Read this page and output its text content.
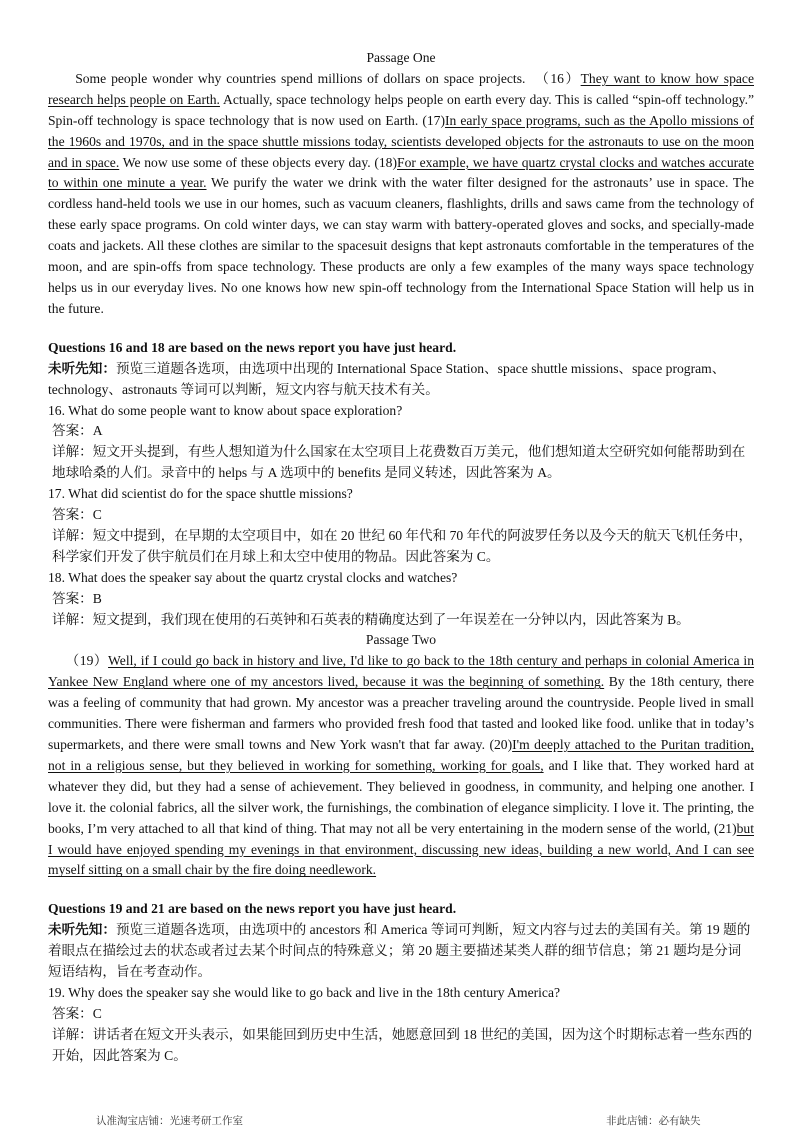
Passage One

Some people wonder why countries spend millions of dollars on space projects.  （16）They want to know how space research helps people on Earth. Actually, space technology helps people on earth every day. This is called “spin-off technology.” Spin-off technology is space technology that is now used on Earth. (17)In early space programs, such as the Apollo missions of the 1960s and 1970s, and in the space shuttle missions today, scientists developed objects for the astronauts to use on the moon and in space. We now use some of these objects every day. (18)For example, we have quartz crystal clocks and watches accurate to within one minute a year. We purify the water we drink with the water filter designed for the astronauts’ use in space. The cordless hand-held tools we use in our homes, such as vacuum cleaners, flashlights, drills and saws came from the technology of these early space programs. On cold winter days, we can stay warm with battery-operated gloves and socks, and specially-made coats and jackets. All these clothes are similar to the spacesuit designs that kept astronauts comfortable in the temperatures of the moon, and are spin-offs from space technology. These products are only a few examples of the many ways space technology helps us in our everyday lives. No one knows how new spin-off technology from the International Space Station will help us in the future.

Questions 16 and 18 are based on the news report you have just heard.

未听先知：预览三道题各选项，由选项中出现的 International Space Station、space shuttle missions、space program、technology、astronauts 等词可以判断，短文内容与航天技术有关。

16. What do some people want to know about space exploration?

答案：A

详解：短文开头提到，有些人想知道为什么国家在太空项目上花费数百万美元，他们想知道太空研究如何能帮助到在地球哈桑的人们。录音中的 helps 与 A 选项中的 benefits 是同义转述，因此答案为 A。

17. What did scientist do for the space shuttle missions?

答案：C

详解：短文中提到，在早期的太空项目中，如在 20 世纪 60 年代和 70 年代的阿波罗任务以及今天的航天飞机任务中，科学家们开发了供宇航员们在月球上和太空中使用的物品。因此答案为 C。

18. What does the speaker say about the quartz crystal clocks and watches?

答案：B

详解：短文提到，我们现在使用的石英钟和石英表的精确度达到了一年误差在一分钟以内，因此答案为 B。

Passage Two

（19）Well, if I could go back in history and live, I'd like to go back to the 18th century and perhaps in colonial America in Yankee New England where one of my ancestors lived, because it was the beginning of something. By the 18th century, there was a feeling of community that had grown. My ancestor was a preacher traveling around the countryside. People lived in small communities. There were fisherman and farmers who provided fresh food that tasted and looked like food. unlike that in today’s supermarkets, and there were small towns and New York wasn't that far away. (20)I'm deeply attached to the Puritan tradition, not in a religious sense, but they believed in working for something, working for goals, and I like that. They worked hard at whatever they did, but they had a sense of achievement. They believed in goodness, in community, and helping one another. I love it. the colonial fabrics, all the silver work, the furnishings, the combination of elegance simplicity. I love it. The printing, the books, I’m very attached to all that kind of thing. That may not all be very entertaining in the modern sense of the world, (21)but I would have enjoyed spending my evenings in that environment, discussing new ideas, building a new world, And I can see myself sitting on a small chair by the fire doing needlework.

Questions 19 and 21 are based on the news report you have just heard.

未听先知：预览三道题各选项，由选项中的 ancestors 和 America 等词可判断，短文内容与过去的美国有关。第 19 题的着眼点在描绘过去的状态或者过去某个时间点的特殊意义；第 20 题主要描述某类人群的细节信息；第 21 题均是分词短语结构，旨在考查动作。

19. Why does the speaker say she would like to go back and live in the 18th century America?

答案：C

详解：讲话者在短文开头表示，如果能回到历史中生活，她愿意回到 18 世纪的美国，因为这个时期标志着一些东西的开始，因此答案为 C。

认准淘宝店铺：光速考研工作室	非此店铺：必有缺失
